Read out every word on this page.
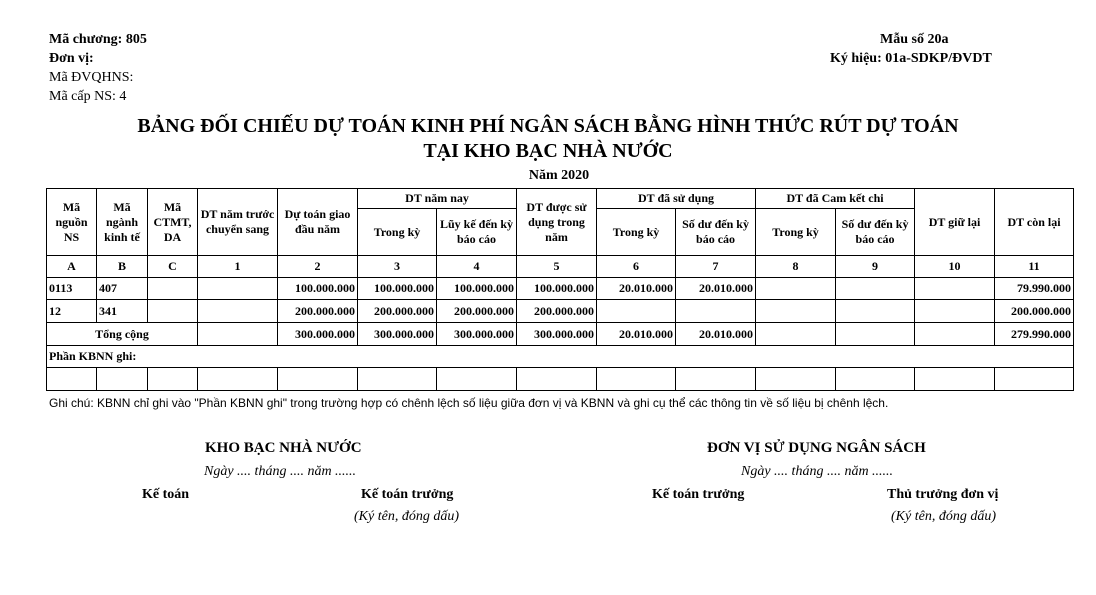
Mã chương: 805
Đơn vị:
Mã ĐVQHNS:
Mã cấp NS: 4
Mẫu số 20a
Ký hiệu: 01a-SDKP/ĐVDT
BẢNG ĐỐI CHIẾU DỰ TOÁN KINH PHÍ NGÂN SÁCH BẰNG HÌNH THỨC RÚT DỰ TOÁN
TẠI KHO BẠC NHÀ NƯỚC
Năm 2020
Mã nguồn NS	Mã ngành kinh tế	Mã CTMT, DA	DT năm trước chuyển sang	Dự toán giao đầu năm	DT năm nay		DT được sử dụng trong năm	DT đã sử dụng		DT đã Cam kết chi		DT giữ lại	DT còn lại
					Trong kỳ	Lũy kế đến kỳ báo cáo		Trong kỳ	Số dư đến kỳ báo cáo	Trong kỳ	Số dư đến kỳ báo cáo		
A	B	C	1	2	3	4	5	6	7	8	9	10	11
0113	407			100.000.000	100.000.000	100.000.000	100.000.000	20.010.000	20.010.000				79.990.000
12	341			200.000.000	200.000.000	200.000.000	200.000.000						200.000.000
Tổng cộng				300.000.000	300.000.000	300.000.000	300.000.000	20.010.000	20.010.000				279.990.000
Phần KBNN ghi:													

Ghi chú: KBNN chỉ ghi vào "Phần KBNN ghi" trong trường hợp có chênh lệch số liệu giữa đơn vị và KBNN và ghi cụ thể các thông tin về số liệu bị chênh lệch.
KHO BẠC NHÀ NƯỚC
Ngày .... tháng .... năm ......
Kế toán	Kế toán trưởng
(Ký tên, đóng dấu)
ĐƠN VỊ SỬ DỤNG NGÂN SÁCH
Ngày .... tháng .... năm ......
Kế toán trưởng	Thủ trưởng đơn vị
(Ký tên, đóng dấu)
